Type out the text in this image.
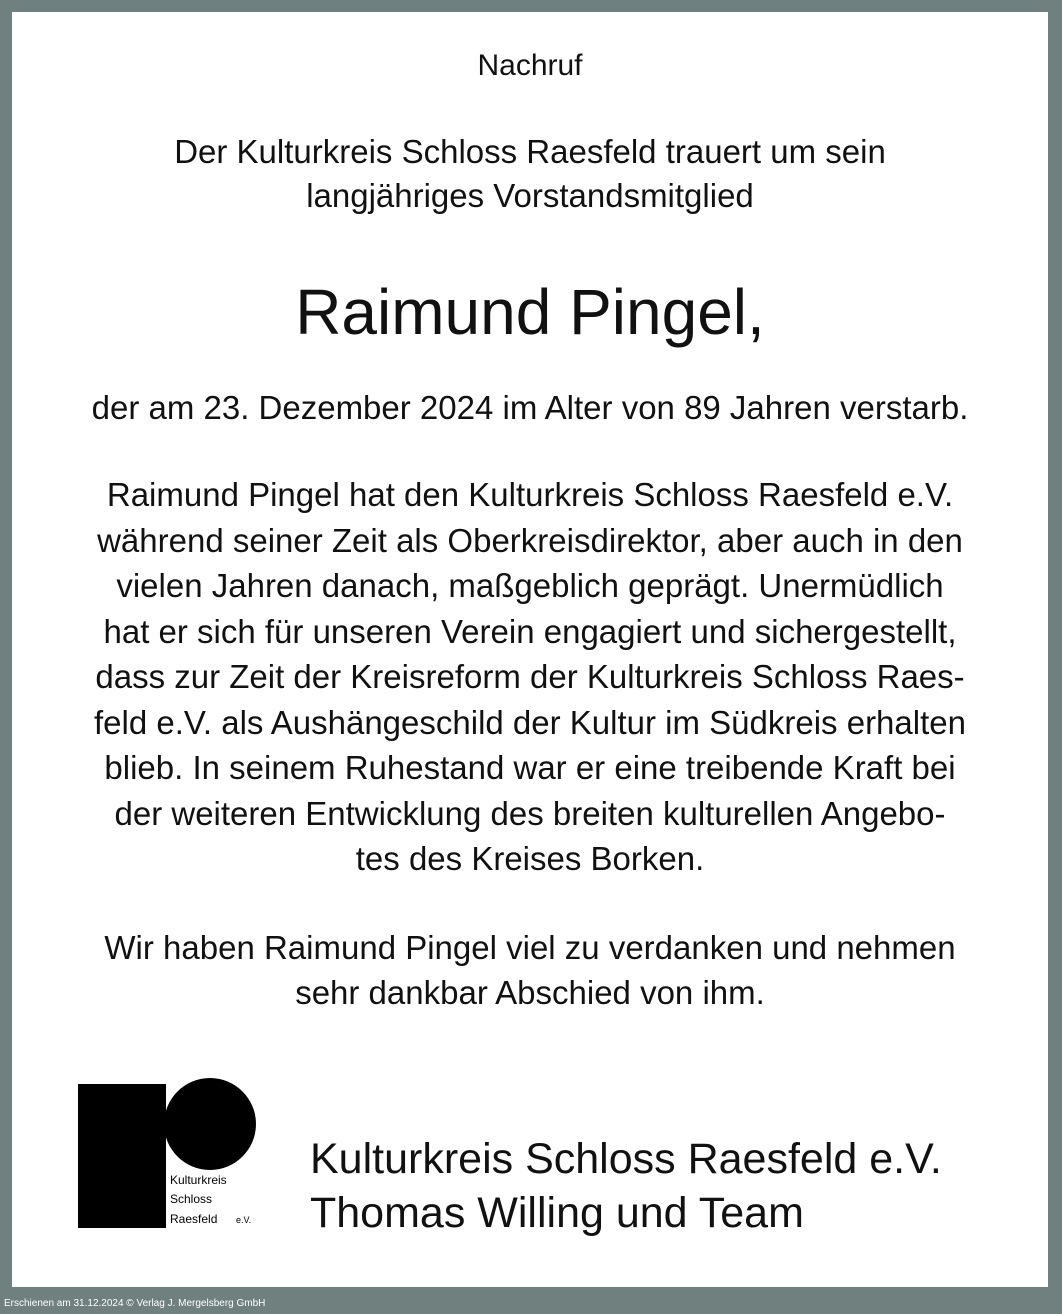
Nachruf
Der Kulturkreis Schloss Raesfeld trauert um sein
langjähriges Vorstandsmitglied
Raimund Pingel,
der am 23. Dezember 2024 im Alter von 89 Jahren verstarb.
Raimund Pingel hat den Kulturkreis Schloss Raesfeld e.V.
während seiner Zeit als Oberkreisdirektor, aber auch in den
vielen Jahren danach, maßgeblich geprägt. Unermüdlich
hat er sich für unseren Verein engagiert und sichergestellt,
dass zur Zeit der Kreisreform der Kulturkreis Schloss Raes-
feld e.V. als Aushängeschild der Kultur im Südkreis erhalten
blieb. In seinem Ruhestand war er eine treibende Kraft bei
der weiteren Entwicklung des breiten kulturellen Angebo-
tes des Kreises Borken.
Wir haben Raimund Pingel viel zu verdanken und nehmen
sehr dankbar Abschied von ihm.
Kulturkreis
Schloss
Raesfeld e.V.
Kulturkreis Schloss Raesfeld e.V.
Thomas Willing und Team
Erschienen am 31.12.2024 © Verlag J. Mergelsberg GmbH
